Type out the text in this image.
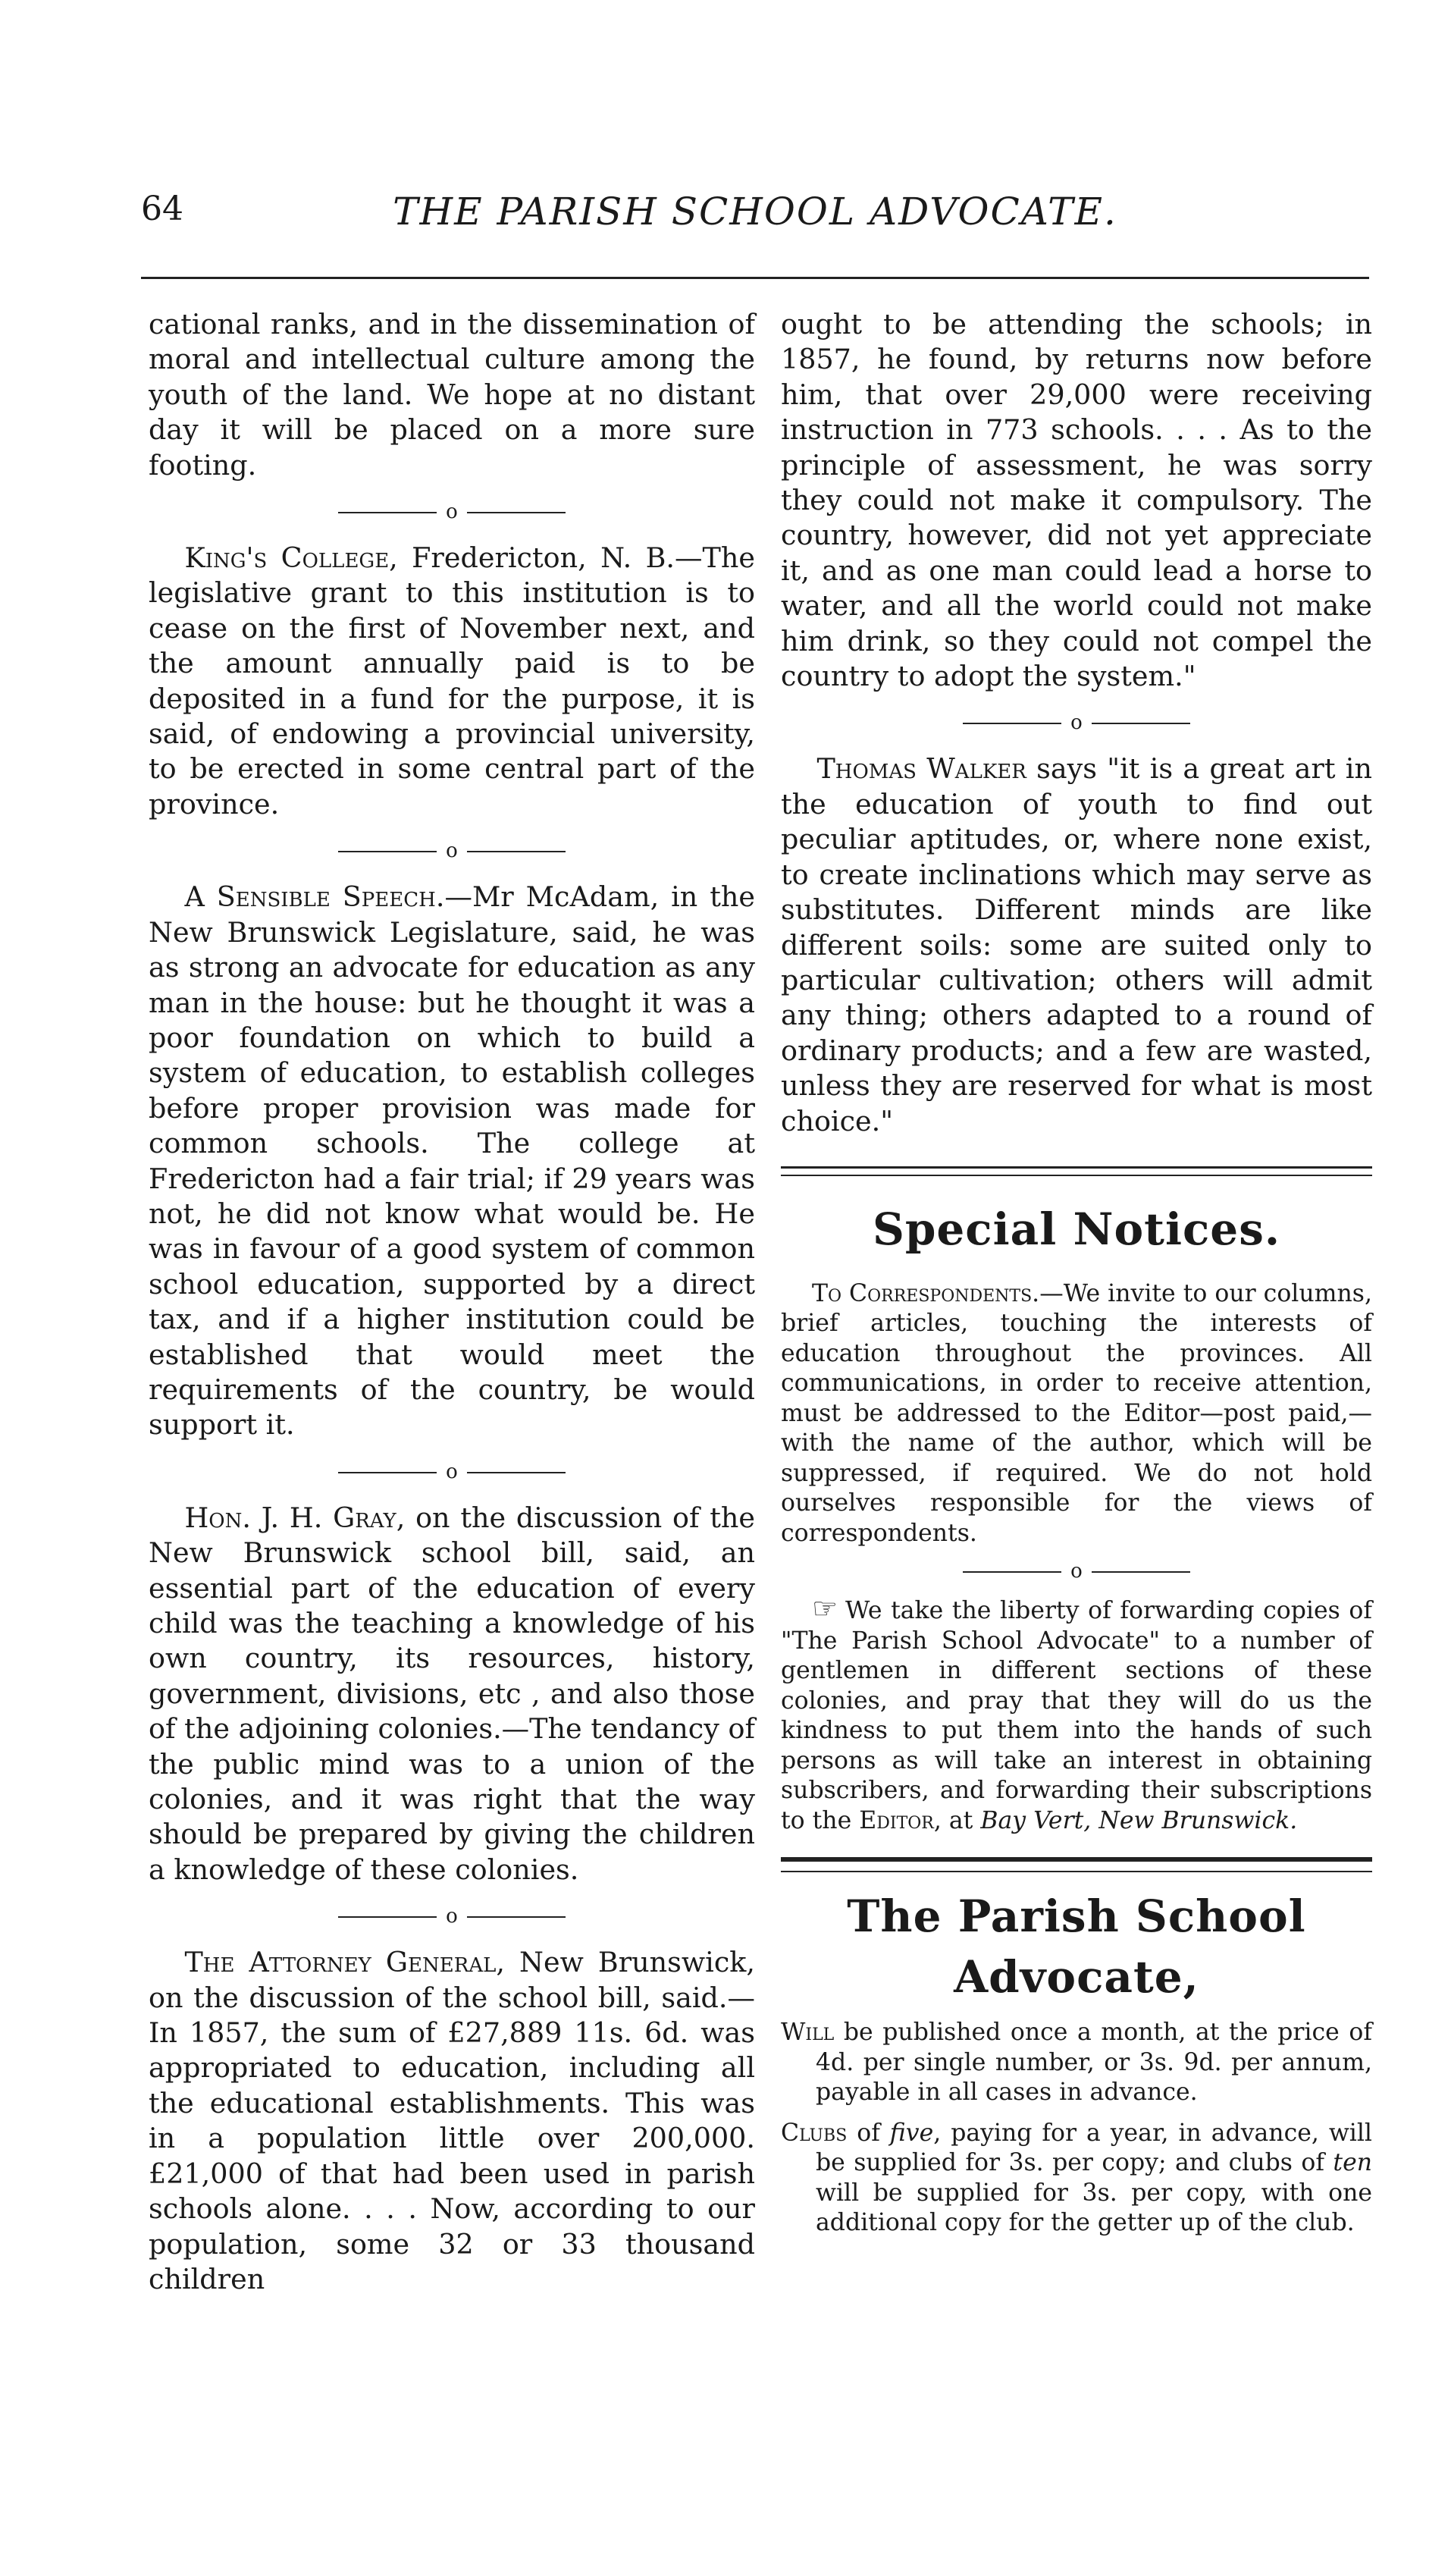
64	THE PARISH SCHOOL ADVOCATE.

cational ranks, and in the dissemination of moral and intellectual culture among the youth of the land. We hope at no distant day it will be placed on a more sure footing.

o

King's College, Fredericton, N. B.—The legislative grant to this institution is to cease on the first of November next, and the amount annually paid is to be deposited in a fund for the purpose, it is said, of endowing a provincial university, to be erected in some central part of the province.

o

A Sensible Speech.—Mr McAdam, in the New Brunswick Legislature, said, he was as strong an advocate for education as any man in the house: but he thought it was a poor foundation on which to build a system of education, to establish colleges before proper provision was made for common schools. The college at Fredericton had a fair trial; if 29 years was not, he did not know what would be. He was in favour of a good system of common school education, supported by a direct tax, and if a higher institution could be established that would meet the requirements of the country, be would support it.

o

Hon. J. H. Gray, on the discussion of the New Brunswick school bill, said, an essential part of the education of every child was the teaching a knowledge of his own country, its resources, history, government, divisions, etc , and also those of the adjoining colonies.—The tendancy of the public mind was to a union of the colonies, and it was right that the way should be prepared by giving the children a knowledge of these colonies.

o

The Attorney General, New Brunswick, on the discussion of the school bill, said.—In 1857, the sum of £27,889 11s. 6d. was appropriated to education, including all the educational establishments. This was in a population little over 200,000. £21,000 of that had been used in parish schools alone. . . . Now, according to our population, some 32 or 33 thousand children

ought to be attending the schools; in 1857, he found, by returns now before him, that over 29,000 were receiving instruction in 773 schools. . . . As to the principle of assessment, he was sorry they could not make it compulsory. The country, however, did not yet appreciate it, and as one man could lead a horse to water, and all the world could not make him drink, so they could not compel the country to adopt the system."

o

Thomas Walker says "it is a great art in the education of youth to find out peculiar aptitudes, or, where none exist, to create inclinations which may serve as substitutes. Different minds are like different soils: some are suited only to particular cultivation; others will admit any thing; others adapted to a round of ordinary products; and a few are wasted, unless they are reserved for what is most choice."

Special Notices.

To Correspondents.—We invite to our columns, brief articles, touching the interests of education throughout the provinces. All communications, in order to receive attention, must be addressed to the Editor—post paid,—with the name of the author, which will be suppressed, if required. We do not hold ourselves responsible for the views of correspondents.

o

☞ We take the liberty of forwarding copies of "The Parish School Advocate" to a number of gentlemen in different sections of these colonies, and pray that they will do us the kindness to put them into the hands of such persons as will take an interest in obtaining subscribers, and forwarding their subscriptions to the Editor, at Bay Vert, New Brunswick.

The Parish School Advocate,

Will be published once a month, at the price of 4d. per single number, or 3s. 9d. per annum, payable in all cases in advance.

Clubs of five, paying for a year, in advance, will be supplied for 3s. per copy; and clubs of ten will be supplied for 3s. per copy, with one additional copy for the getter up of the club.
